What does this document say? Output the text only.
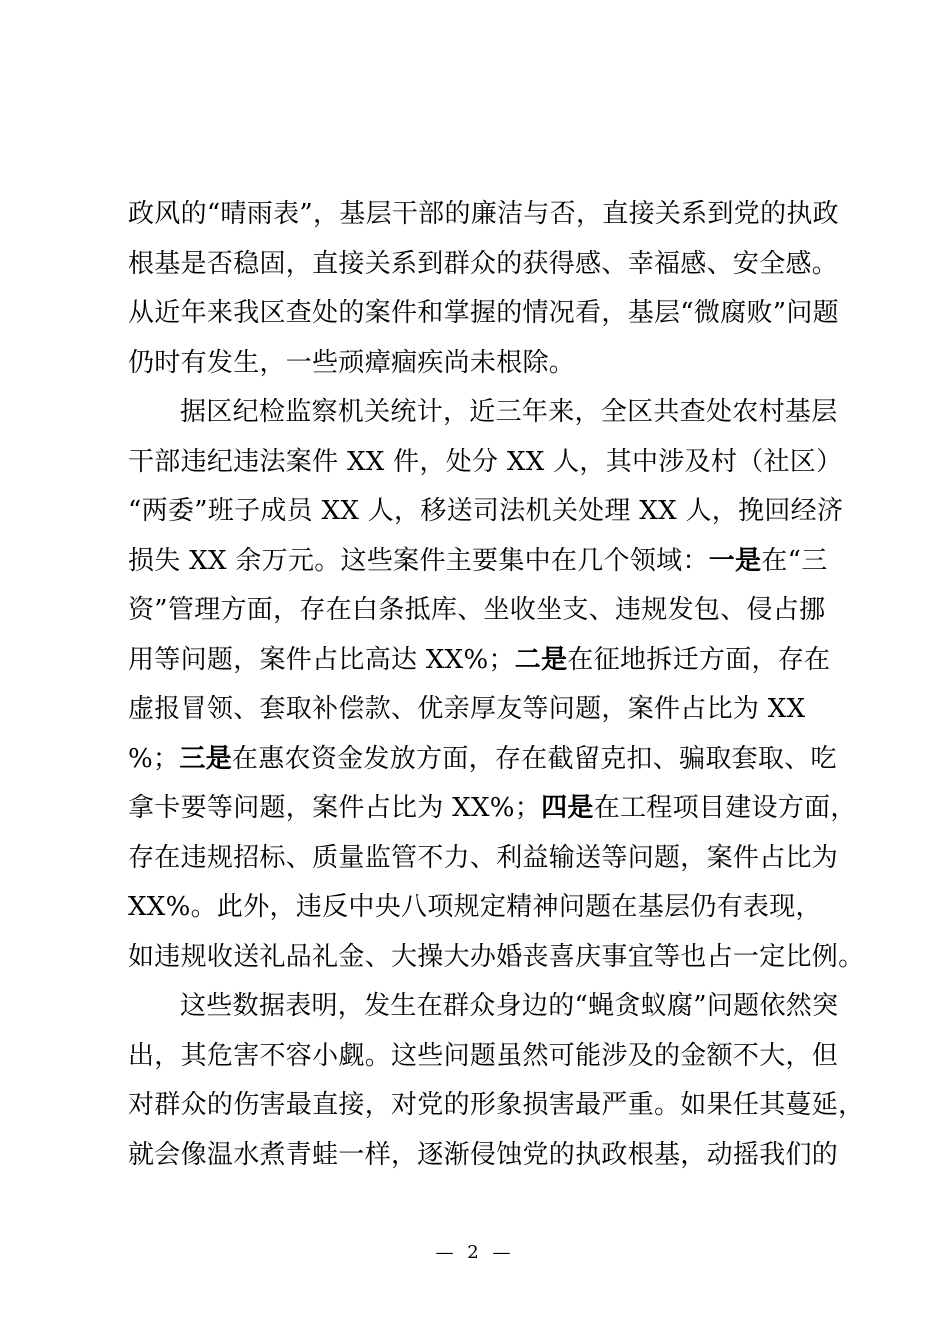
政风的“晴雨表”，基层干部的廉洁与否，直接关系到党的执政
根基是否稳固，直接关系到群众的获得感、幸福感、安全感。
从近年来我区查处的案件和掌握的情况看，基层“微腐败”问题
仍时有发生，一些顽瘴痼疾尚未根除。
据区纪检监察机关统计，近三年来，全区共查处农村基层
干部违纪违法案件 XX 件，处分 XX 人，其中涉及村（社区）
“两委”班子成员 XX 人，移送司法机关处理 XX 人，挽回经济
损失 XX 余万元。这些案件主要集中在几个领域：一是在“三
资”管理方面，存在白条抵库、坐收坐支、违规发包、侵占挪
用等问题，案件占比高达 XX%；二是在征地拆迁方面，存在
虚报冒领、套取补偿款、优亲厚友等问题，案件占比为 XX
%；三是在惠农资金发放方面，存在截留克扣、骗取套取、吃
拿卡要等问题，案件占比为 XX%；四是在工程项目建设方面，
存在违规招标、质量监管不力、利益输送等问题，案件占比为
XX%。此外，违反中央八项规定精神问题在基层仍有表现，
如违规收送礼品礼金、大操大办婚丧喜庆事宜等也占一定比例。
这些数据表明，发生在群众身边的“蝇贪蚁腐”问题依然突
出，其危害不容小觑。这些问题虽然可能涉及的金额不大，但
对群众的伤害最直接，对党的形象损害最严重。如果任其蔓延，
就会像温水煮青蛙一样，逐渐侵蚀党的执政根基，动摇我们的
— 2 —
